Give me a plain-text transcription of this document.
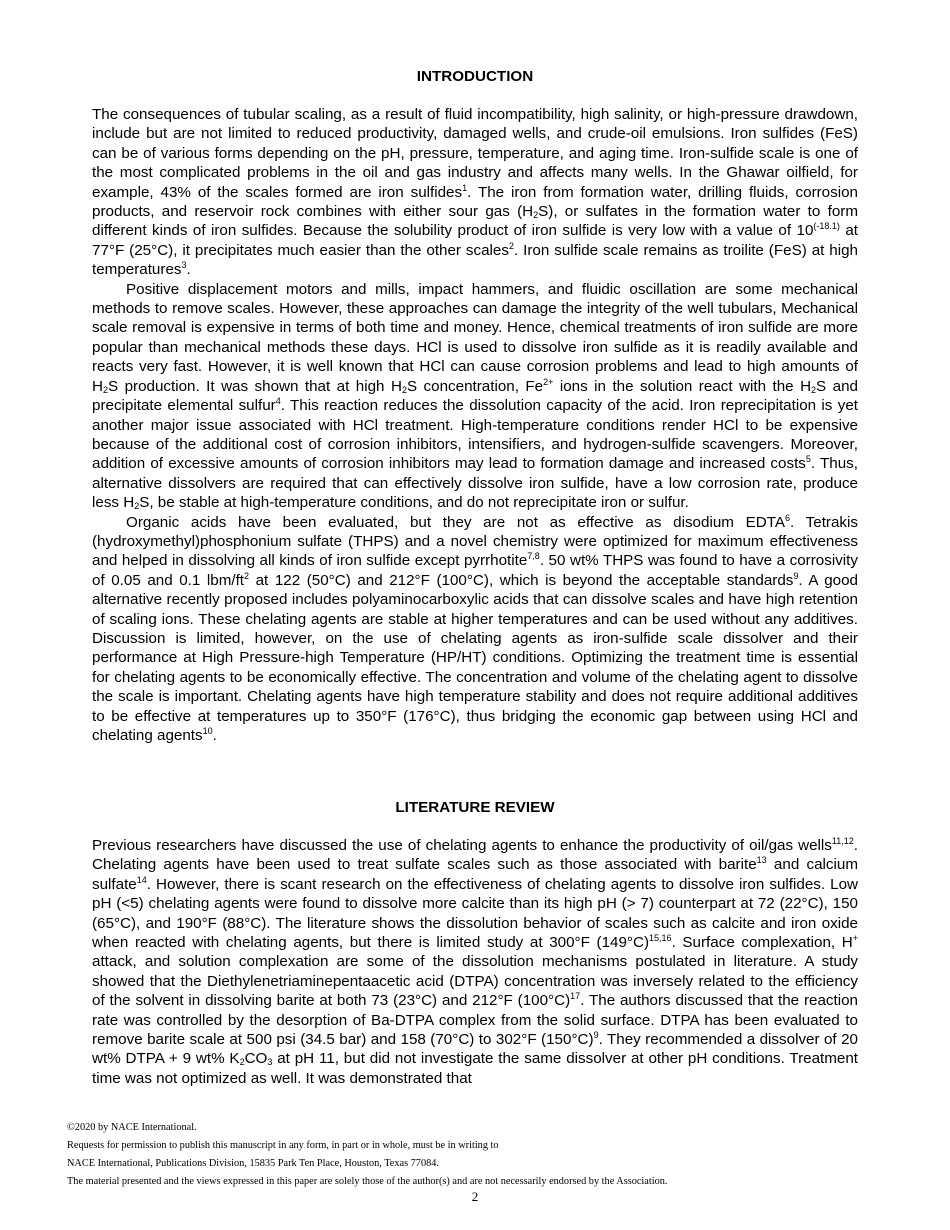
INTRODUCTION

The consequences of tubular scaling, as a result of fluid incompatibility, high salinity, or high-pressure drawdown, include but are not limited to reduced productivity, damaged wells, and crude-oil emulsions. Iron sulfides (FeS) can be of various forms depending on the pH, pressure, temperature, and aging time. Iron-sulfide scale is one of the most complicated problems in the oil and gas industry and affects many wells. In the Ghawar oilfield, for example, 43% of the scales formed are iron sulfides$^1$. The iron from formation water, drilling fluids, corrosion products, and reservoir rock combines with either sour gas $(H_2S)$, or sulfates in the formation water to form different kinds of iron sulfides. Because the solubility product of iron sulfide is very low with a value of $10^{(-18.1)}$ at 77°F (25°C), it precipitates much easier than the other scales$^2$. Iron sulfide scale remains as troilite (FeS) at high temperatures$^3$.

Positive displacement motors and mills, impact hammers, and fluidic oscillation are some mechanical methods to remove scales. However, these approaches can damage the integrity of the well tubulars, Mechanical scale removal is expensive in terms of both time and money. Hence, chemical treatments of iron sulfide are more popular than mechanical methods these days. HCl is used to dissolve iron sulfide as it is readily available and reacts very fast. However, it is well known that HCl can cause corrosion problems and lead to high amounts of $H_2S$ production. It was shown that at high $H_2S$ concentration, $Fe^{2+}$ ions in the solution react with the $H_2S$ and precipitate elemental sulfur$^4$. This reaction reduces the dissolution capacity of the acid. Iron reprecipitation is yet another major issue associated with HCl treatment. High-temperature conditions render HCl to be expensive because of the additional cost of corrosion inhibitors, intensifiers, and hydrogen-sulfide scavengers. Moreover, addition of excessive amounts of corrosion inhibitors may lead to formation damage and increased costs$^5$. Thus, alternative dissolvers are required that can effectively dissolve iron sulfide, have a low corrosion rate, produce less $H_2S$, be stable at high-temperature conditions, and do not reprecipitate iron or sulfur.

Organic acids have been evaluated, but they are not as effective as disodium EDTA$^6$. Tetrakis (hydroxymethyl)phosphonium sulfate (THPS) and a novel chemistry were optimized for maximum effectiveness and helped in dissolving all kinds of iron sulfide except pyrrhotite$^{7,8}$. 50 wt% THPS was found to have a corrosivity of 0.05 and 0.1 lbm/$ft^2$ at 122 (50°C) and 212°F (100°C), which is beyond the acceptable standards$^9$. A good alternative recently proposed includes polyaminocarboxylic acids that can dissolve scales and have high retention of scaling ions. These chelating agents are stable at higher temperatures and can be used without any additives. Discussion is limited, however, on the use of chelating agents as iron-sulfide scale dissolver and their performance at High Pressure-high Temperature (HP/HT) conditions. Optimizing the treatment time is essential for chelating agents to be economically effective. The concentration and volume of the chelating agent to dissolve the scale is important. Chelating agents have high temperature stability and does not require additional additives to be effective at temperatures up to 350°F (176°C), thus bridging the economic gap between using HCl and chelating agents$^{10}$.

LITERATURE REVIEW

Previous researchers have discussed the use of chelating agents to enhance the productivity of oil/gas wells$^{11,12}$. Chelating agents have been used to treat sulfate scales such as those associated with barite$^{13}$ and calcium sulfate$^{14}$. However, there is scant research on the effectiveness of chelating agents to dissolve iron sulfides. Low pH (<5) chelating agents were found to dissolve more calcite than its high pH (> 7) counterpart at 72 (22°C), 150 (65°C), and 190°F (88°C). The literature shows the dissolution behavior of scales such as calcite and iron oxide when reacted with chelating agents, but there is limited study at 300°F $(149^\circ C)^{15,16}$. Surface complexation, H+ attack, and solution complexation are some of the dissolution mechanisms postulated in literature. A study showed that the Diethylenetriaminepentaacetic acid (DTPA) concentration was inversely related to the efficiency of the solvent in dissolving barite at both 73 (23°C) and 212°F $(100^\circ C)^{17}$. The authors discussed that the reaction rate was controlled by the desorption of Ba-DTPA complex from the solid surface. DTPA has been evaluated to remove barite scale at 500 psi (34.5 bar) and 158 (70°C) to 302°F $(150^\circ C)^9$. They recommended a dissolver of 20 wt% DTPA + 9 wt% $K_2CO_3$ at pH 11, but did not investigate the same dissolver at other pH conditions. Treatment time was not optimized as well. It was demonstrated that

©2020 by NACE International.

Requests for permission to publish this manuscript in any form, in part or in whole, must be in writing to

NACE International, Publications Division, 15835 Park Ten Place, Houston, Texas 77084.

The material presented and the views expressed in this paper are solely those of the author(s) and are not necessarily endorsed by the Association.

2
